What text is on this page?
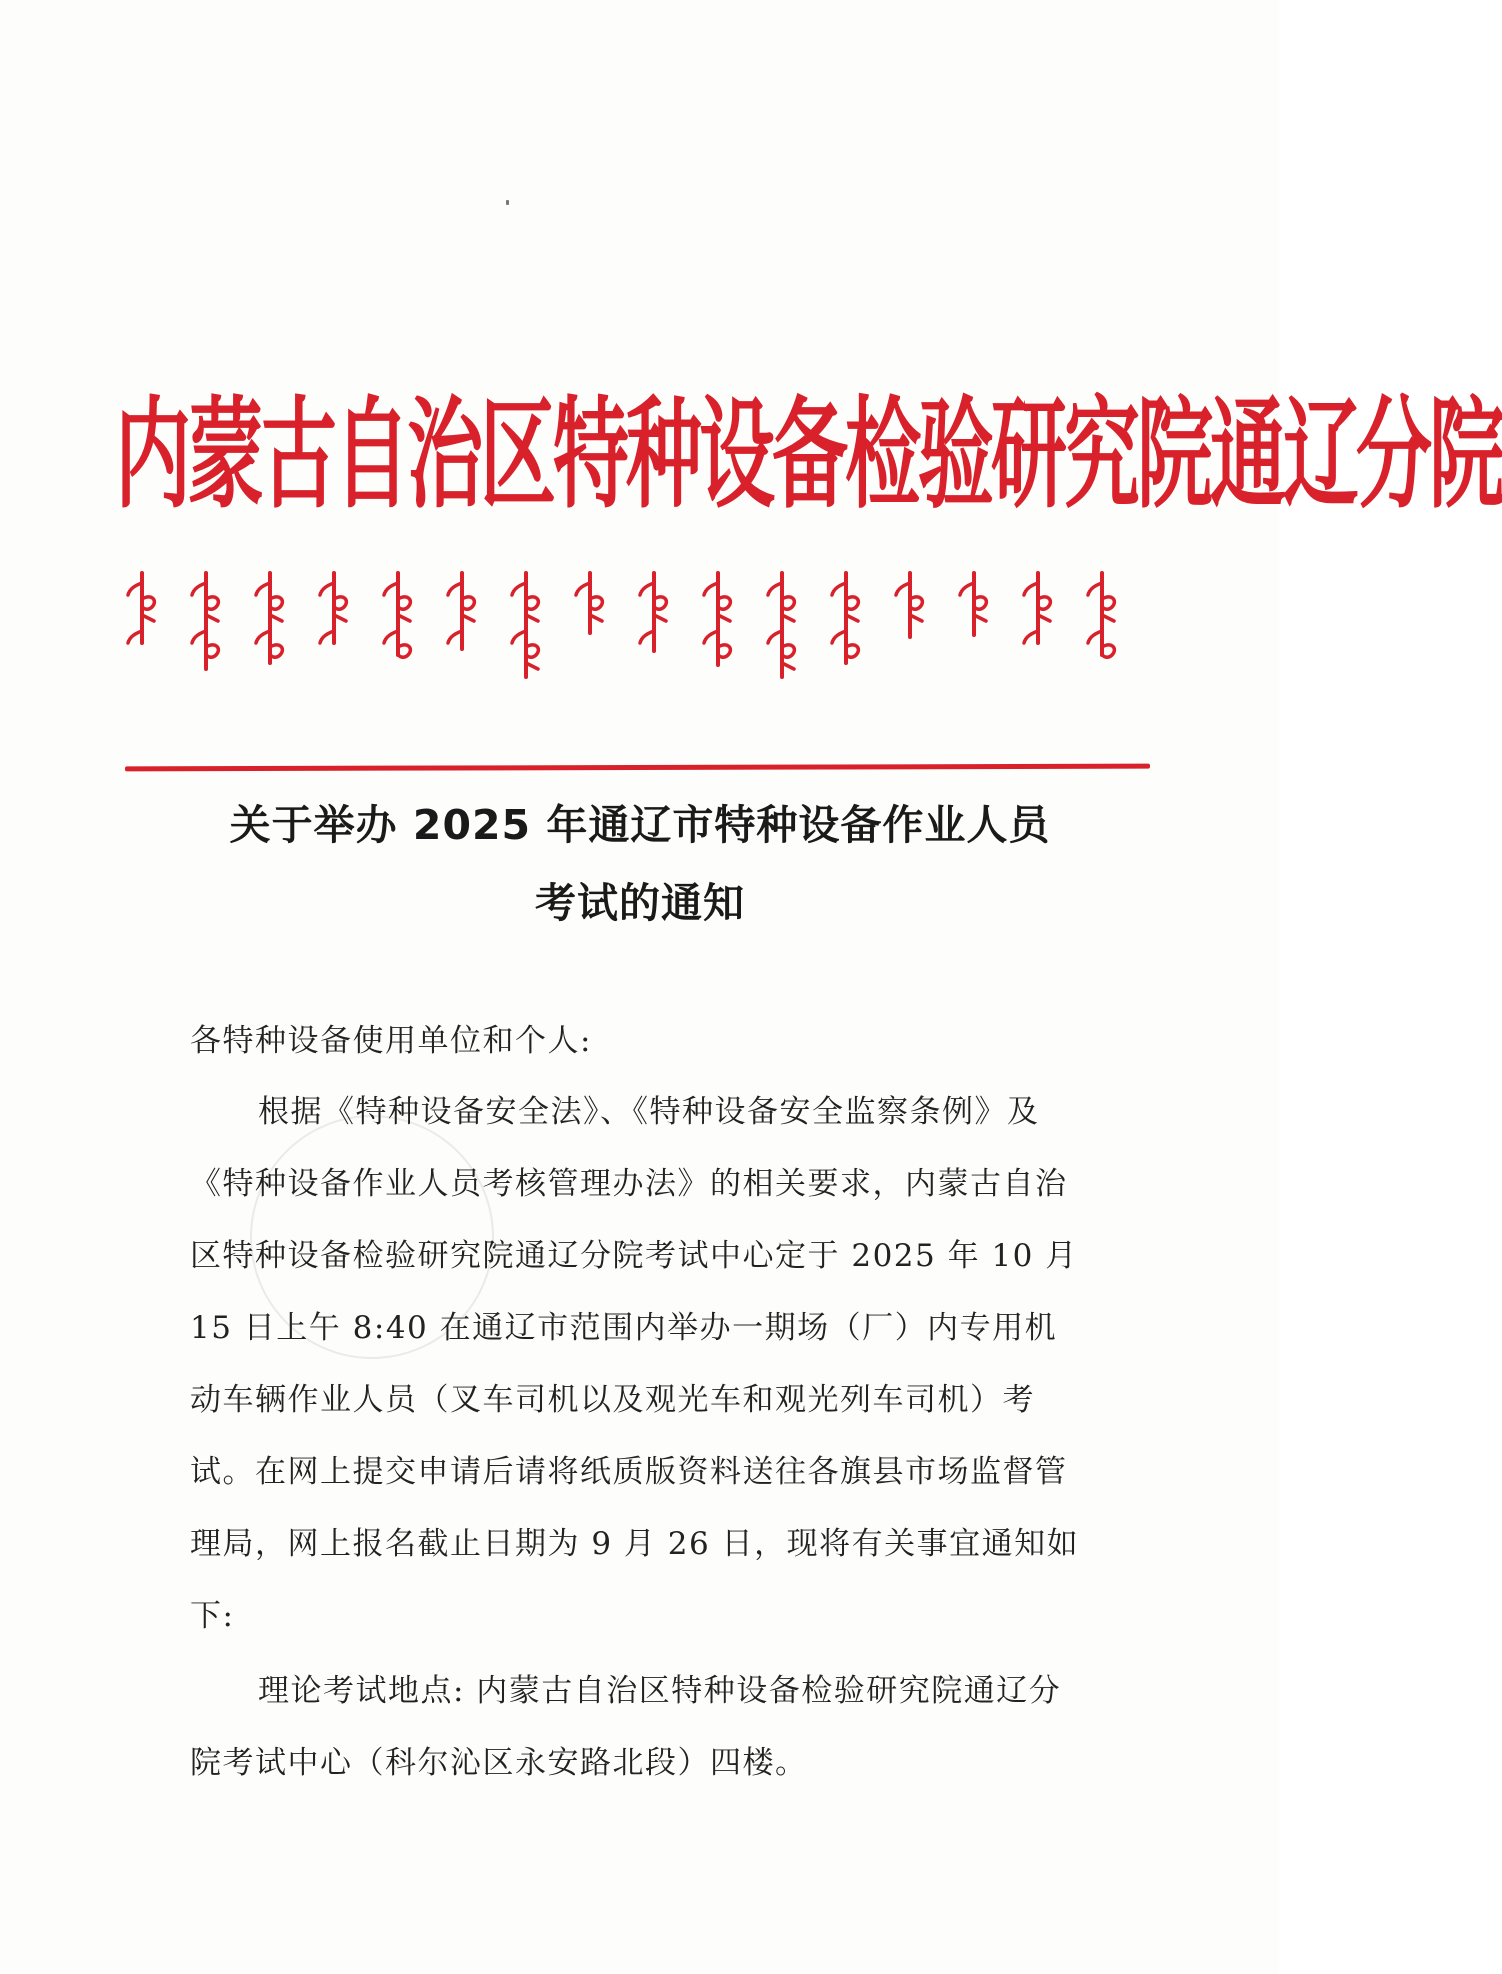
内蒙古自治区特种设备检验研究院通辽分院
关于举办 2025 年通辽市特种设备作业人员
考试的通知
各特种设备使用单位和个人:
根据《特种设备安全法》、《特种设备安全监察条例》及《特种设备作业人员考核管理办法》的相关要求，内蒙古自治区特种设备检验研究院通辽分院考试中心定于 2025 年 10 月 15 日上午 8:40 在通辽市范围内举办一期场（厂）内专用机动车辆作业人员（叉车司机以及观光车和观光列车司机）考试。在网上提交申请后请将纸质版资料送往各旗县市场监督管理局，网上报名截止日期为 9 月 26 日，现将有关事宜通知如下:
理论考试地点: 内蒙古自治区特种设备检验研究院通辽分院考试中心（科尔沁区永安路北段）四楼。
